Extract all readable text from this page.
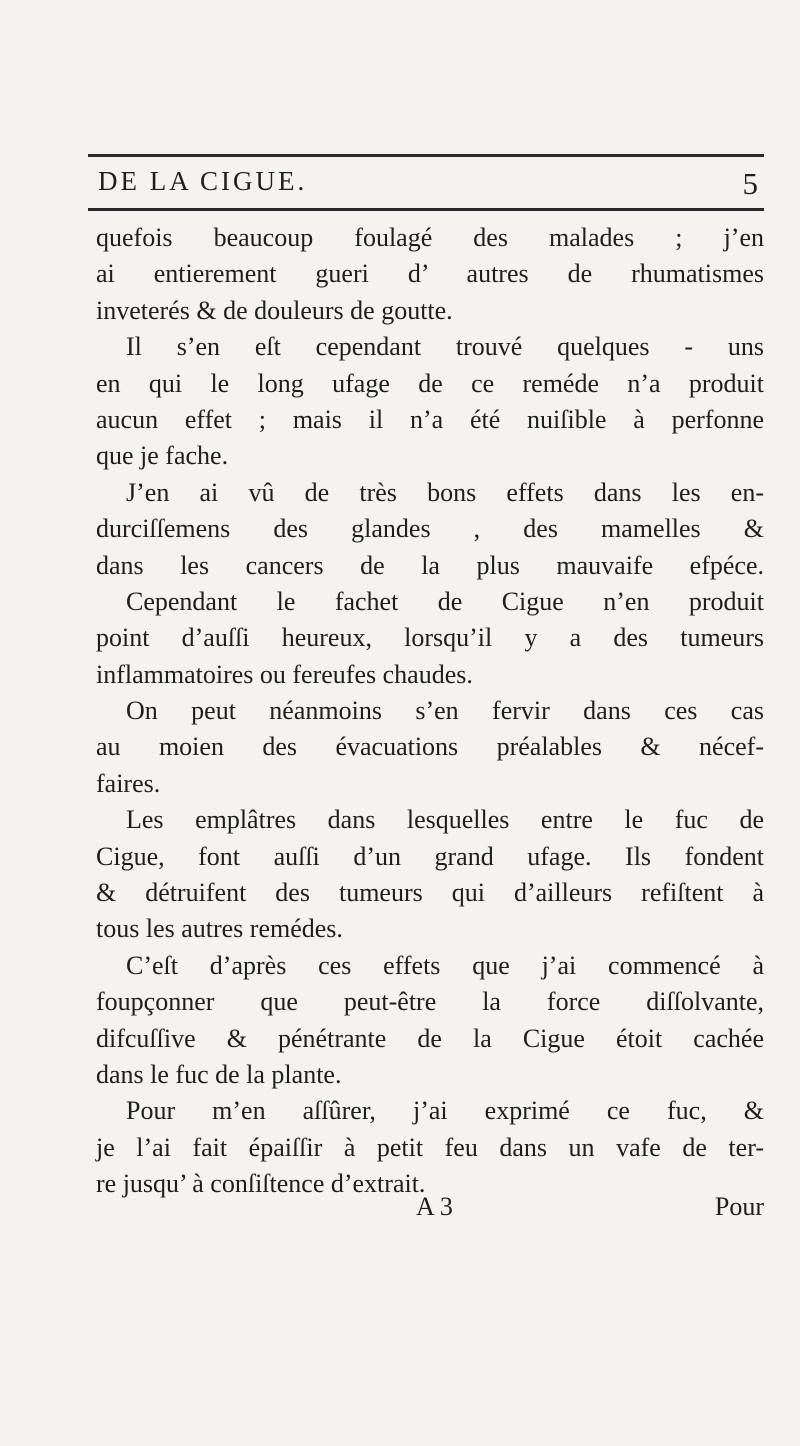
DE LA CIGUE.	5
quefois beaucoup foulagé des malades ; j’en
ai entierement gueri d’ autres de rhumatismes
inveterés & de douleurs de goutte.
Il s’en eſt cependant trouvé quelques - uns
en qui le long ufage de ce reméde n’a produit
aucun effet ; mais il n’a été nuiſible à perfonne
que je fache.
J’en ai vû de très bons effets dans les en-
durciſſemens des glandes , des mamelles &
dans les cancers de la plus mauvaife efpéce.
Cependant le fachet de Cigue n’en produit
point d’auſſi heureux, lorsqu’il y a des tumeurs
inflammatoires ou fereufes chaudes.
On peut néanmoins s’en fervir dans ces cas
au moien des évacuations préalables & nécef-
faires.
Les emplâtres dans lesquelles entre le fuc de
Cigue, font auſſi d’un grand ufage. Ils fondent
& détruifent des tumeurs qui d’ailleurs refiſtent à
tous les autres remédes.
C’eſt d’après ces effets que j’ai commencé à
foupçonner que peut-être la force diſſolvante,
difcuſſive & pénétrante de la Cigue étoit cachée
dans le fuc de la plante.
Pour m’en aſſûrer, j’ai exprimé ce fuc, &
je l’ai fait épaiſſir à petit feu dans un vafe de ter-
re jusqu’ à conſiſtence d’extrait.
A 3	Pour
